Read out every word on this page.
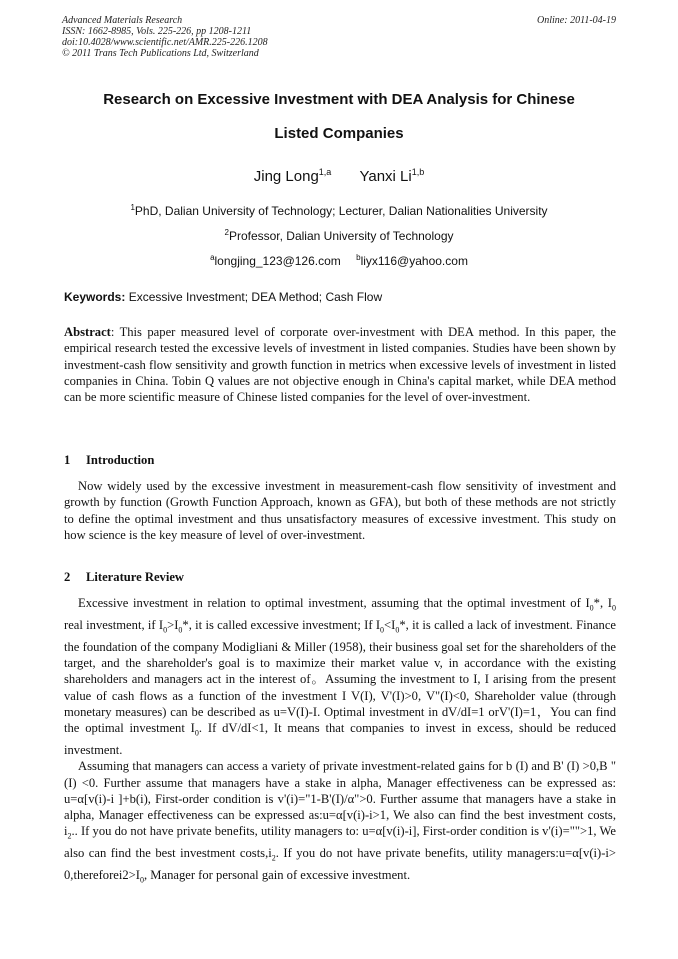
Advanced Materials Research
ISSN: 1662-8985, Vols. 225-226, pp 1208-1211
doi:10.4028/www.scientific.net/AMR.225-226.1208
© 2011 Trans Tech Publications Ltd, Switzerland
Online: 2011-04-19
Research on Excessive Investment with DEA Analysis for Chinese
Listed Companies
Jing Long$^{1,a}$ Yanxi Li$^{1,b}$
$^1$PhD, Dalian University of Technology; Lecturer, Dalian Nationalities University
$^2$Professor, Dalian University of Technology
$^a$longjing_123@126.com $^b$liyx116@yahoo.com
Keywords: Excessive Investment; DEA Method; Cash Flow

Abstract: This paper measured level of corporate over-investment with DEA method. In this paper, the empirical research tested the excessive levels of investment in listed companies. Studies have been shown by investment-cash flow sensitivity and growth function in metrics when excessive levels of investment in listed companies in China. Tobin Q values are not objective enough in China's capital market, while DEA method can be more scientific measure of Chinese listed companies for the level of over-investment.

1 Introduction

Now widely used by the excessive investment in measurement-cash flow sensitivity of investment and growth by function (Growth Function Approach, known as GFA), but both of these methods are not strictly to define the optimal investment and thus unsatisfactory measures of excessive investment. This study on how science is the key measure of level of over-investment.

2 Literature Review

Excessive investment in relation to optimal investment, assuming that the optimal investment of $I_0*$, $I_0$ real investment, if $I_0>I_0*$, it is called excessive investment; If $I_0<I_0*$, it is called a lack of investment. Finance the foundation of the company Modigliani & Miller (1958), their business goal set for the shareholders of the target, and the shareholder's goal is to maximize their market value v, in accordance with the existing shareholders and managers act in the interest of。Assuming the investment to I, I arising from the present value of cash flows as a function of the investment I V(I), V'(I)>0, V"(I)<0, Shareholder value (through monetary measures) can be described as u=V(I)-I. Optimal investment in dV/dI=1 orV'(I)=1，You can find the optimal investment $I_0$. If dV/dI<1, It means that companies to invest in excess, should be reduced investment.

Assuming that managers can access a variety of private investment-related gains for b (I) and B' (I) >0,B "(I) <0. Further assume that managers have a stake in alpha, Manager effectiveness can be expressed as: u=α[v(i)-i ]+b(i), First-order condition is v'(i)="1-B'(I)/α">0. Further assume that managers have a stake in alpha, Manager effectiveness can be expressed as:u=α[v(i)-i>1, We also can find the best investment costs, $i_2$.. If you do not have private benefits, utility managers to: u=α[v(i)-i], First-order condition is v'(i)="">1, We also can find the best investment $costs,i_2$. If you do not have private benefits, utility managers:u=α[v(i)-i> $0,thereforei2>I_0$, Manager for personal gain of excessive investment.
